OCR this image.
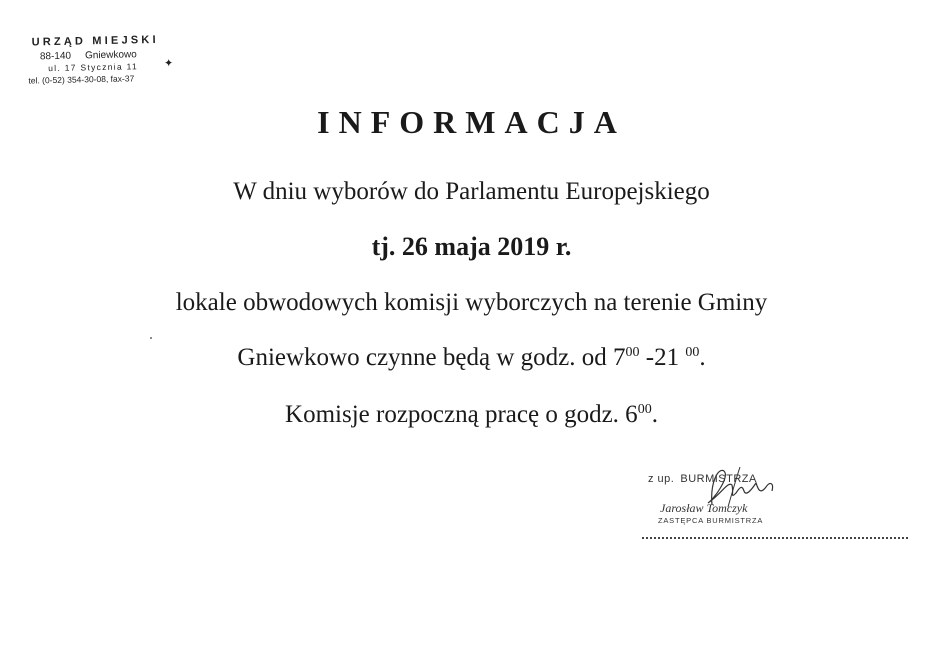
URZĄD MIEJSKI
88-140 Gniewkowo
ul. 17 Stycznia 11
tel. (0-52) 354-30-08, fax-37
✦
INFORMACJA
W dniu wyborów do Parlamentu Europejskiego
tj. 26 maja 2019 r.
lokale obwodowych komisji wyborczych na terenie Gminy
Gniewkowo czynne będą w godz. od $7^{00}$ -21 $^{00}$.
Komisje rozpoczną pracę o godz. $6^{00}$.
z up. BURMISTRZA
Jarosław Tomczyk
ZASTĘPCA BURMISTRZA
